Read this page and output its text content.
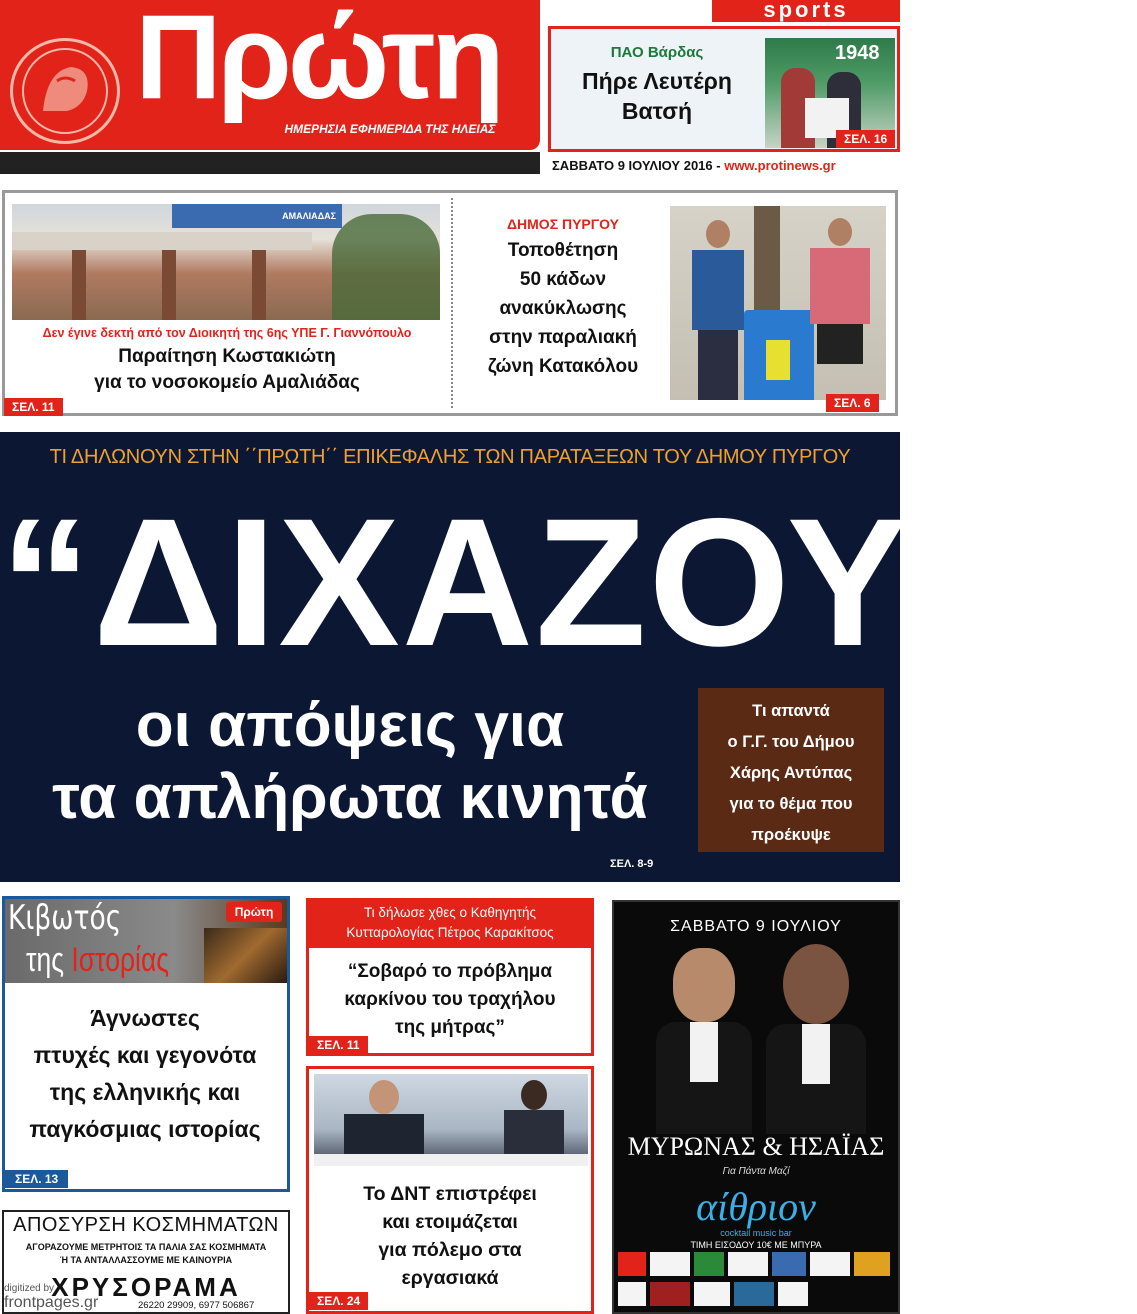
Πρώτη
ΗΜΕΡΗΣΙΑ ΕΦΗΜΕΡΙΔΑ ΤΗΣ ΗΛΕΙΑΣ

Ετος 13ο   /   ΑΡ. ΦΥΛΛΟΥ: 4269   /   Τιμή: 80λ.   /   (Εκτός Νομού 1 Ευρώ)

sports
ΠΑΟ Βάρδας
Πήρε Λευτέρη
Βατσή
1948
ΣΕΛ. 16
ΣΑΒΒΑΤΟ 9 ΙΟΥΛΙΟΥ 2016 - www.protinews.gr
ΑΜΑΛΙΑΔΑΣ
Δεν έγινε δεκτή από τον Διοικητή της 6ης ΥΠΕ Γ. Γιαννόπουλο
Παραίτηση Κωστακιώτη
για το νοσοκομείο Αμαλιάδας
ΣΕΛ. 11
ΔΗΜΟΣ ΠΥΡΓΟΥ
Τοποθέτηση
50 κάδων
ανακύκλωσης
στην παραλιακή
ζώνη Κατακόλου
ΣΕΛ. 6
ΤΙ ΔΗΛΩΝΟΥΝ ΣΤΗΝ ΄΄ΠΡΩΤΗ΄΄ ΕΠΙΚΕΦΑΛΗΣ ΤΩΝ ΠΑΡΑΤΑΞΕΩΝ ΤΟΥ ΔΗΜΟΥ ΠΥΡΓΟΥ
“ΔΙΧΑΖΟΥΝ”
οι απόψεις για
τα απλήρωτα κινητά
Τι απαντά
ο Γ.Γ. του Δήμου
Χάρης Αντύπας
για το θέμα που
προέκυψε
ΣΕΛ. 8-9
Κιβωτός
της Ιστορίας
Πρώτη
Άγνωστες
πτυχές και γεγονότα
της ελληνικής και
παγκόσμιας ιστορίας
ΣΕΛ. 13
ΑΠΟΣΥΡΣΗ ΚΟΣΜΗΜΑΤΩΝ
ΑΓΟΡΑΖΟΥΜΕ ΜΕΤΡΗΤΟΙΣ ΤΑ ΠΑΛΙΑ ΣΑΣ ΚΟΣΜΗΜΑΤΑ
Ή ΤΑ ΑΝΤΑΛΛΑΣΣΟΥΜΕ ΜΕ ΚΑΙΝΟΥΡΙΑ
ΧΡΥΣΟΡΑΜΑ
26220 29909, 6977 506867
Τι δήλωσε χθες ο Καθηγητής
Κυτταρολογίας Πέτρος Καρακίτσος
“Σοβαρό το πρόβλημα
καρκίνου του τραχήλου
της μήτρας”
ΣΕΛ. 11
Το ΔΝΤ επιστρέφει
και ετοιμάζεται
για πόλεμο στα
εργασιακά
ΣΕΛ. 24
ΣΑΒΒΑΤΟ 9 ΙΟΥΛΙΟΥ
ΜΥΡΩΝΑΣ & ΗΣΑΪΑΣ
Για Πάντα Μαζί
αίθριον
cocktail music bar
ΤΙΜΗ ΕΙΣΟΔΟΥ 10€ ΜΕ ΜΠΥΡΑ
digitized by
frontpages.gr
